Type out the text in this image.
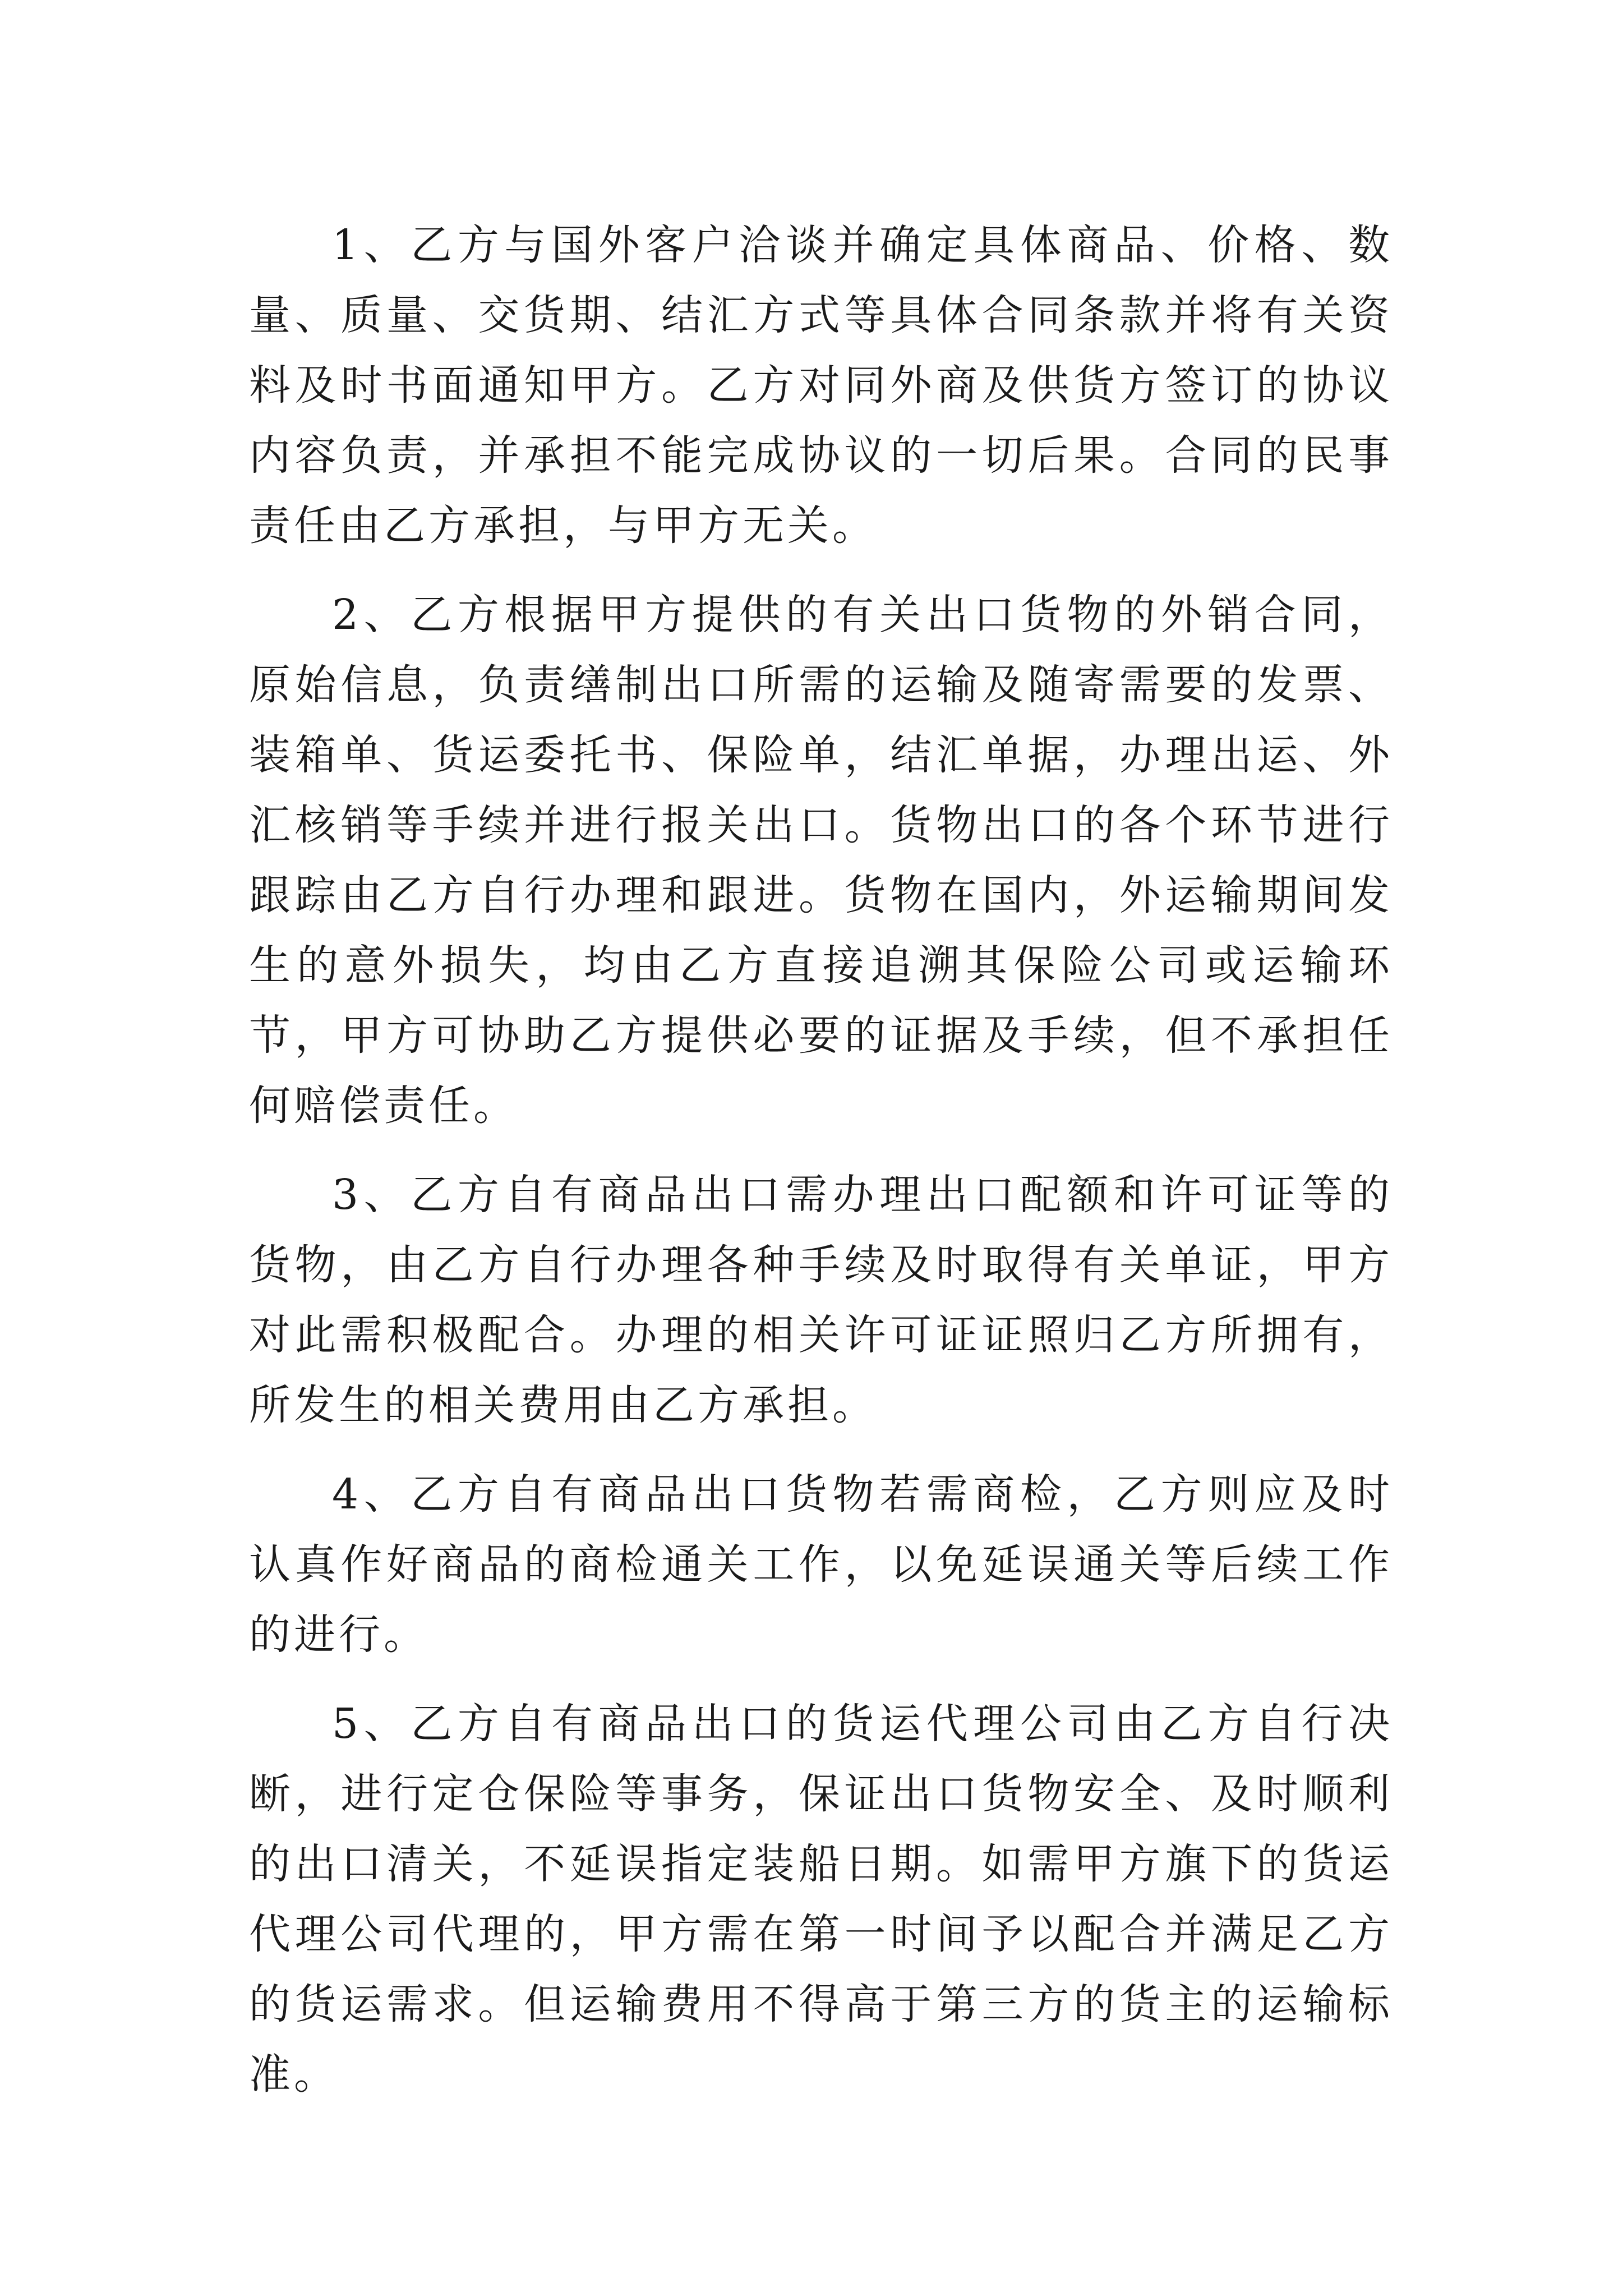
1、乙方与国外客户洽谈并确定具体商品、价格、数量、质量、交货期、结汇方式等具体合同条款并将有关资料及时书面通知甲方。乙方对同外商及供货方签订的协议内容负责，并承担不能完成协议的一切后果。合同的民事责任由乙方承担，与甲方无关。

2、乙方根据甲方提供的有关出口货物的外销合同，原始信息，负责缮制出口所需的运输及随寄需要的发票、装箱单、货运委托书、保险单，结汇单据，办理出运、外汇核销等手续并进行报关出口。货物出口的各个环节进行跟踪由乙方自行办理和跟进。货物在国内，外运输期间发生的意外损失，均由乙方直接追溯其保险公司或运输环节，甲方可协助乙方提供必要的证据及手续，但不承担任何赔偿责任。

3、乙方自有商品出口需办理出口配额和许可证等的货物，由乙方自行办理各种手续及时取得有关单证，甲方对此需积极配合。办理的相关许可证证照归乙方所拥有，所发生的相关费用由乙方承担。

4、乙方自有商品出口货物若需商检，乙方则应及时认真作好商品的商检通关工作，以免延误通关等后续工作的进行。

5、乙方自有商品出口的货运代理公司由乙方自行决断，进行定仓保险等事务，保证出口货物安全、及时顺利的出口清关，不延误指定装船日期。如需甲方旗下的货运代理公司代理的，甲方需在第一时间予以配合并满足乙方的货运需求。但运输费用不得高于第三方的货主的运输标准。
